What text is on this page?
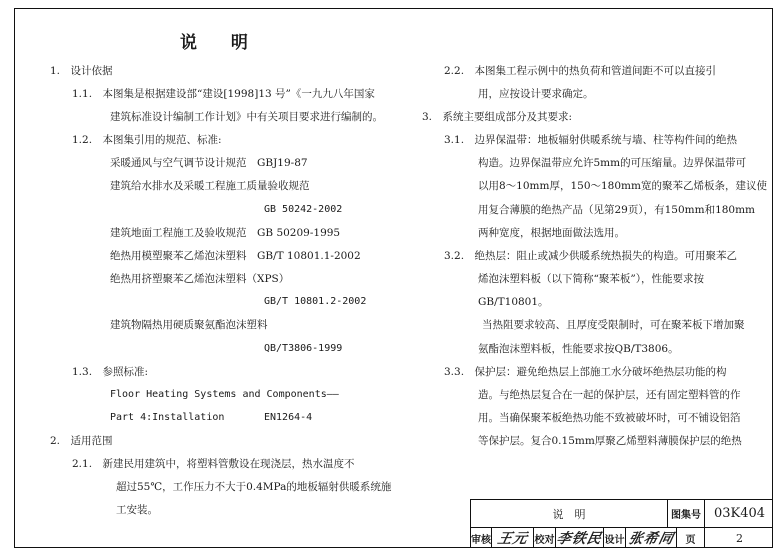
说 明
1.　设计依据
1.1.　本图集是根据建设部“建设[1998]13 号”《一九九八年国家
建筑标准设计编制工作计划》中有关项目要求进行编制的。
1.2.　本图集引用的规范、标准:
采暖通风与空气调节设计规范　GBJ19-87
建筑给水排水及采暖工程施工质量验收规范
GB 50242-2002
建筑地面工程施工及验收规范　GB 50209-1995
绝热用模塑聚苯乙烯泡沫塑料　GB/T 10801.1-2002
绝热用挤塑聚苯乙烯泡沫塑料（XPS）
GB/T 10801.2-2002
建筑物隔热用硬质聚氨酯泡沫塑料
QB/T3806-1999
1.3.　参照标准:
Floor Heating Systems and Components——
Part 4:Installation	EN1264-4
2.　适用范围
2.1.　新建民用建筑中，将塑料管敷设在现浇层，热水温度不
超过55℃，工作压力不大于0.4MPa的地板辐射供暖系统施
工安装。
2.2.　本图集工程示例中的热负荷和管道间距不可以直接引
用，应按设计要求确定。
3.　系统主要组成部分及其要求:
3.1.　边界保温带：地板辐射供暖系统与墙、柱等构件间的绝热
构造。边界保温带应允许5mm的可压缩量。边界保温带可
以用8～10mm厚，150～180mm宽的聚苯乙烯板条，建议使
用复合薄膜的绝热产品（见第29页），有150mm和180mm
两种宽度，根据地面做法选用。
3.2.　绝热层：阻止或减少供暖系统热损失的构造。可用聚苯乙
烯泡沫塑料板（以下简称“聚苯板”），性能要求按
GB/T10801。
当热阻要求较高、且厚度受限制时，可在聚苯板下增加聚
氨酯泡沫塑料板，性能要求按QB/T3806。
3.3.　保护层：避免绝热层上部施工水分破坏绝热层功能的构
造。与绝热层复合在一起的保护层，还有固定塑料管的作
用。当确保聚苯板绝热功能不致被破坏时，可不铺设铝箔
等保护层。复合0.15mm厚聚乙烯塑料薄膜保护层的绝热
说　明	图集号 03K404
审核 王元 校对 李铁民 设计 张希同	页	2
